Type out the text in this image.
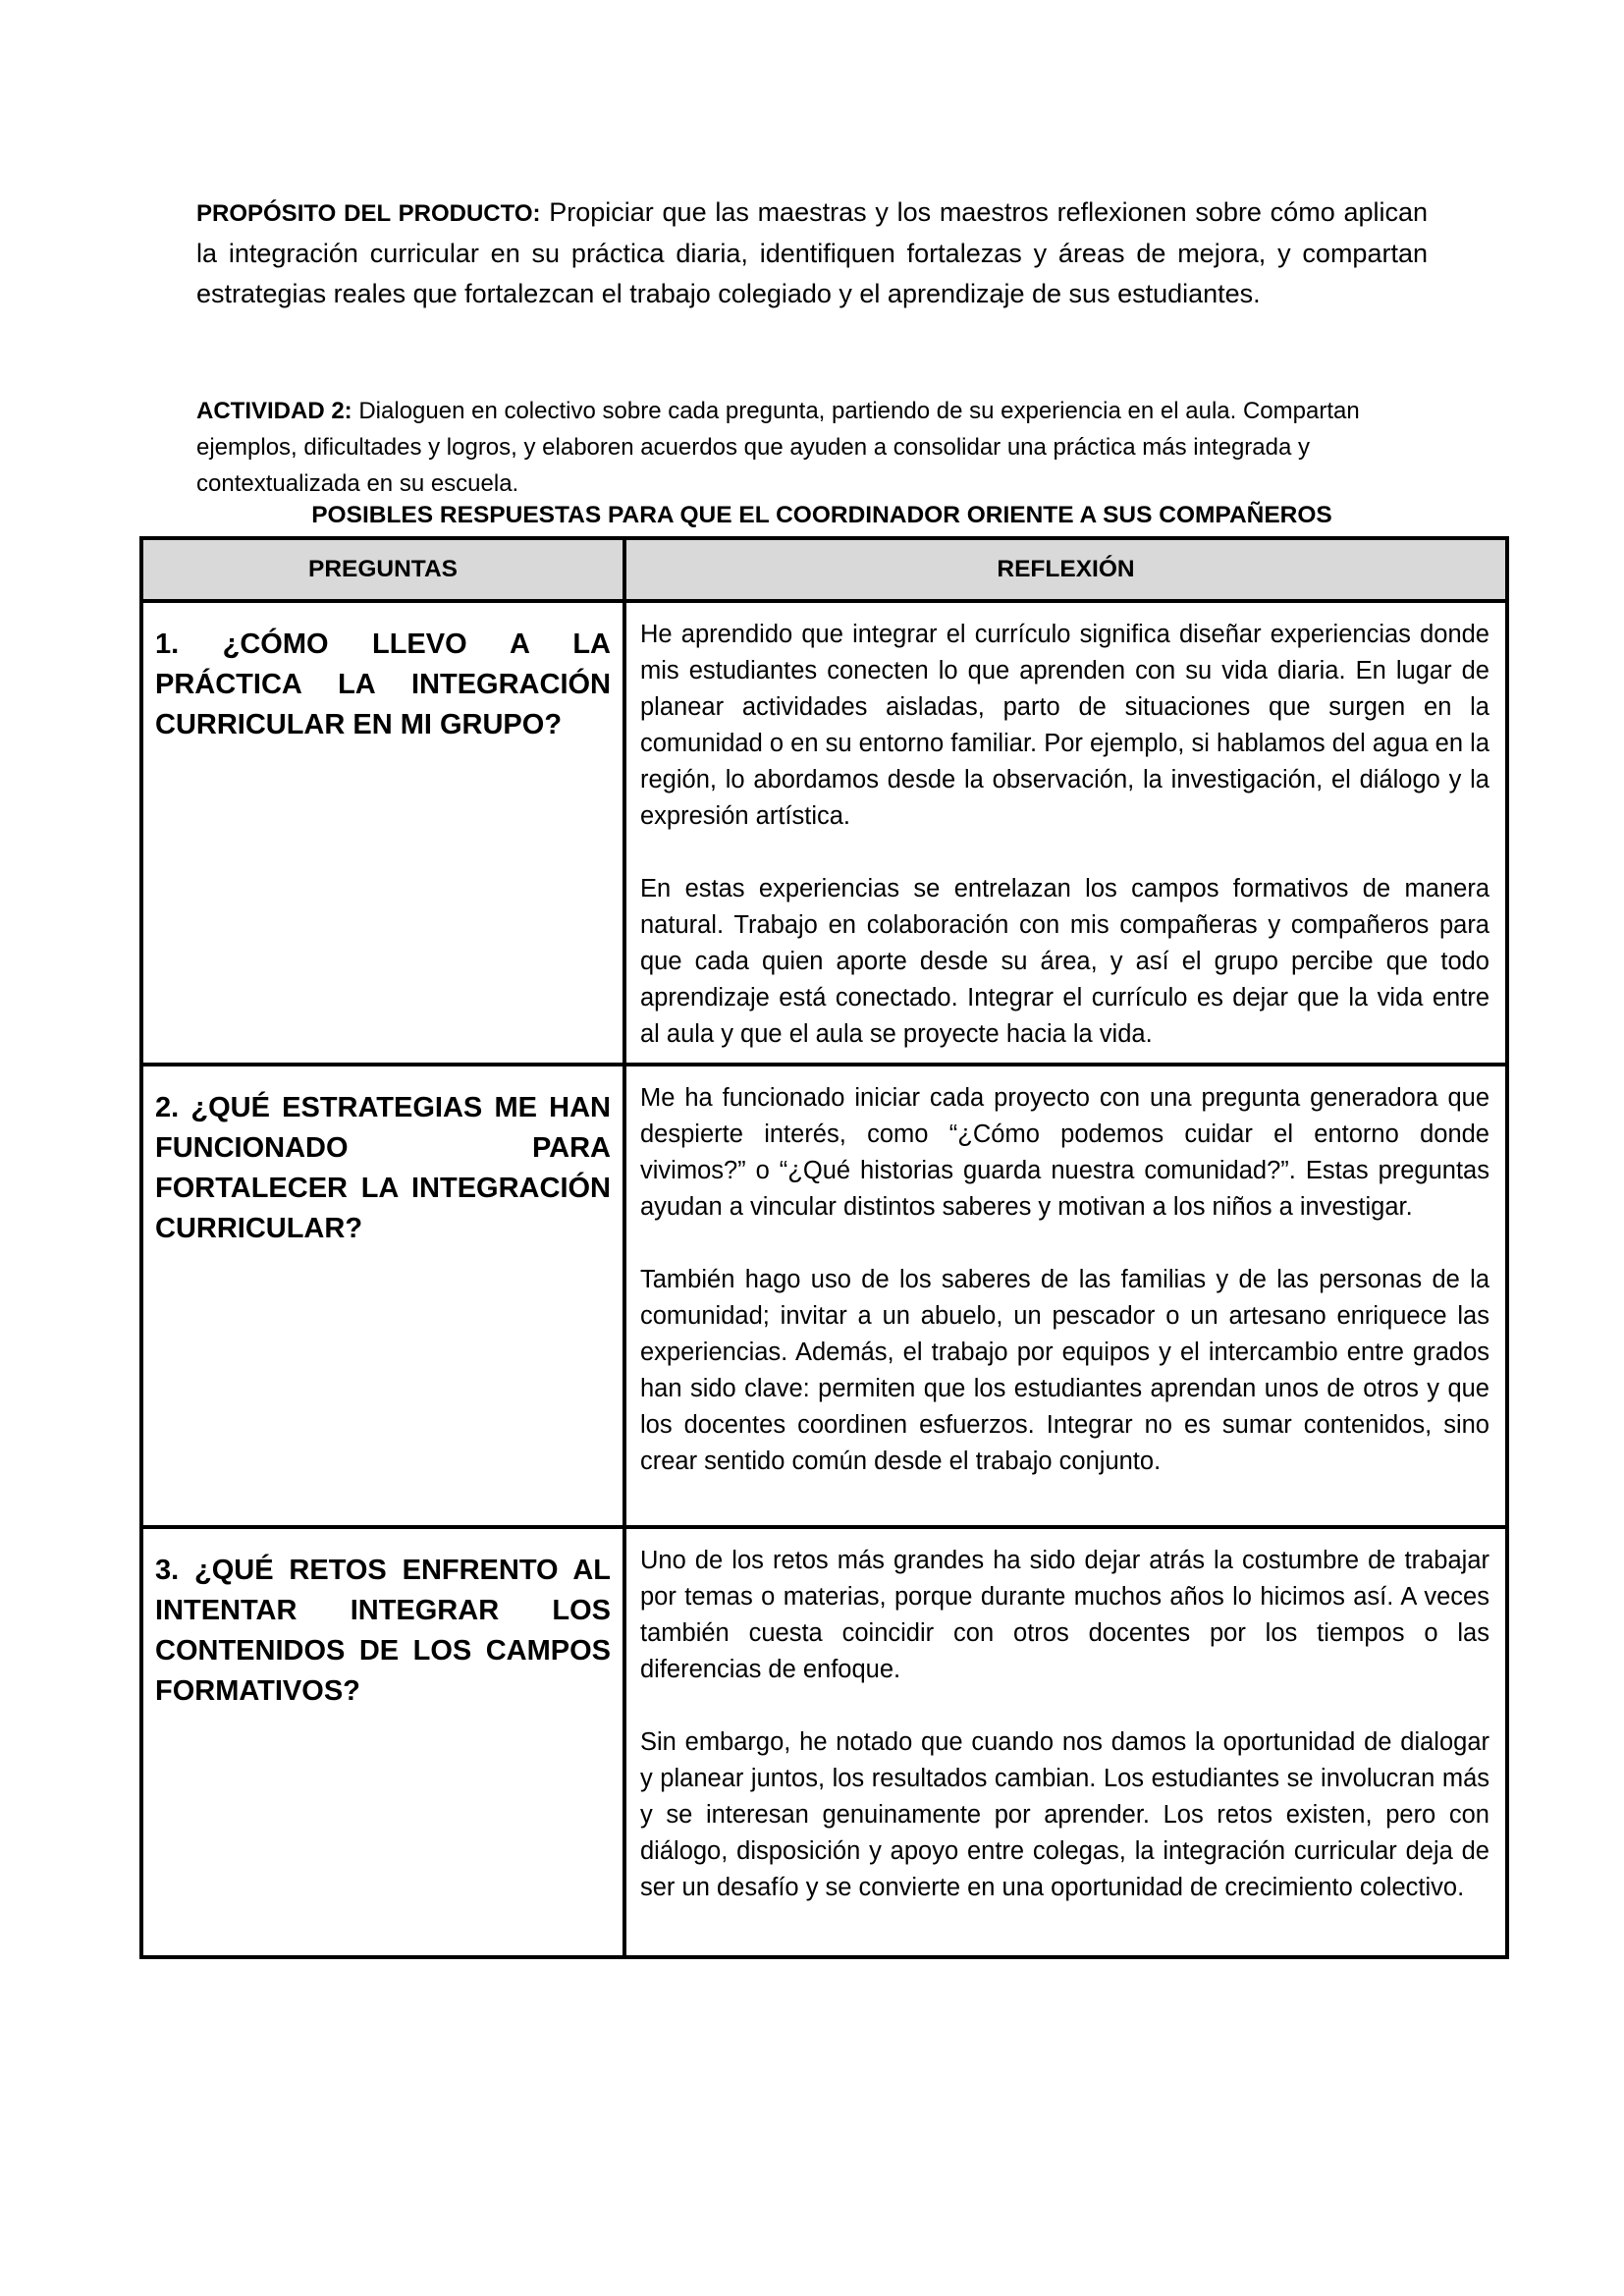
PROPÓSITO DEL PRODUCTO: Propiciar que las maestras y los maestros reflexionen sobre cómo aplican la integración curricular en su práctica diaria, identifiquen fortalezas y áreas de mejora, y compartan estrategias reales que fortalezcan el trabajo colegiado y el aprendizaje de sus estudiantes.
ACTIVIDAD 2: Dialoguen en colectivo sobre cada pregunta, partiendo de su experiencia en el aula. Compartan ejemplos, dificultades y logros, y elaboren acuerdos que ayuden a consolidar una práctica más integrada y contextualizada en su escuela.
POSIBLES RESPUESTAS PARA QUE EL COORDINADOR ORIENTE A SUS COMPAÑEROS
PREGUNTAS	REFLEXIÓN
1. ¿CÓMO LLEVO A LA PRÁCTICA LA INTEGRACIÓN CURRICULAR EN MI GRUPO?	He aprendido que integrar el currículo significa diseñar experiencias donde mis estudiantes conecten lo que aprenden con su vida diaria. En lugar de planear actividades aisladas, parto de situaciones que surgen en la comunidad o en su entorno familiar. Por ejemplo, si hablamos del agua en la región, lo abordamos desde la observación, la investigación, el diálogo y la expresión artística.

En estas experiencias se entrelazan los campos formativos de manera natural. Trabajo en colaboración con mis compañeras y compañeros para que cada quien aporte desde su área, y así el grupo percibe que todo aprendizaje está conectado. Integrar el currículo es dejar que la vida entre al aula y que el aula se proyecte hacia la vida.

2. ¿QUÉ ESTRATEGIAS ME HAN FUNCIONADO PARA FORTALECER LA INTEGRACIÓN CURRICULAR?	Me ha funcionado iniciar cada proyecto con una pregunta generadora que despierte interés, como “¿Cómo podemos cuidar el entorno donde vivimos?” o “¿Qué historias guarda nuestra comunidad?”. Estas preguntas ayudan a vincular distintos saberes y motivan a los niños a investigar.

También hago uso de los saberes de las familias y de las personas de la comunidad; invitar a un abuelo, un pescador o un artesano enriquece las experiencias. Además, el trabajo por equipos y el intercambio entre grados han sido clave: permiten que los estudiantes aprendan unos de otros y que los docentes coordinen esfuerzos. Integrar no es sumar contenidos, sino crear sentido común desde el trabajo conjunto.

3. ¿QUÉ RETOS ENFRENTO AL INTENTAR INTEGRAR LOS CONTENIDOS DE LOS CAMPOS FORMATIVOS?	Uno de los retos más grandes ha sido dejar atrás la costumbre de trabajar por temas o materias, porque durante muchos años lo hicimos así. A veces también cuesta coincidir con otros docentes por los tiempos o las diferencias de enfoque.

Sin embargo, he notado que cuando nos damos la oportunidad de dialogar y planear juntos, los resultados cambian. Los estudiantes se involucran más y se interesan genuinamente por aprender. Los retos existen, pero con diálogo, disposición y apoyo entre colegas, la integración curricular deja de ser un desafío y se convierte en una oportunidad de crecimiento colectivo.
